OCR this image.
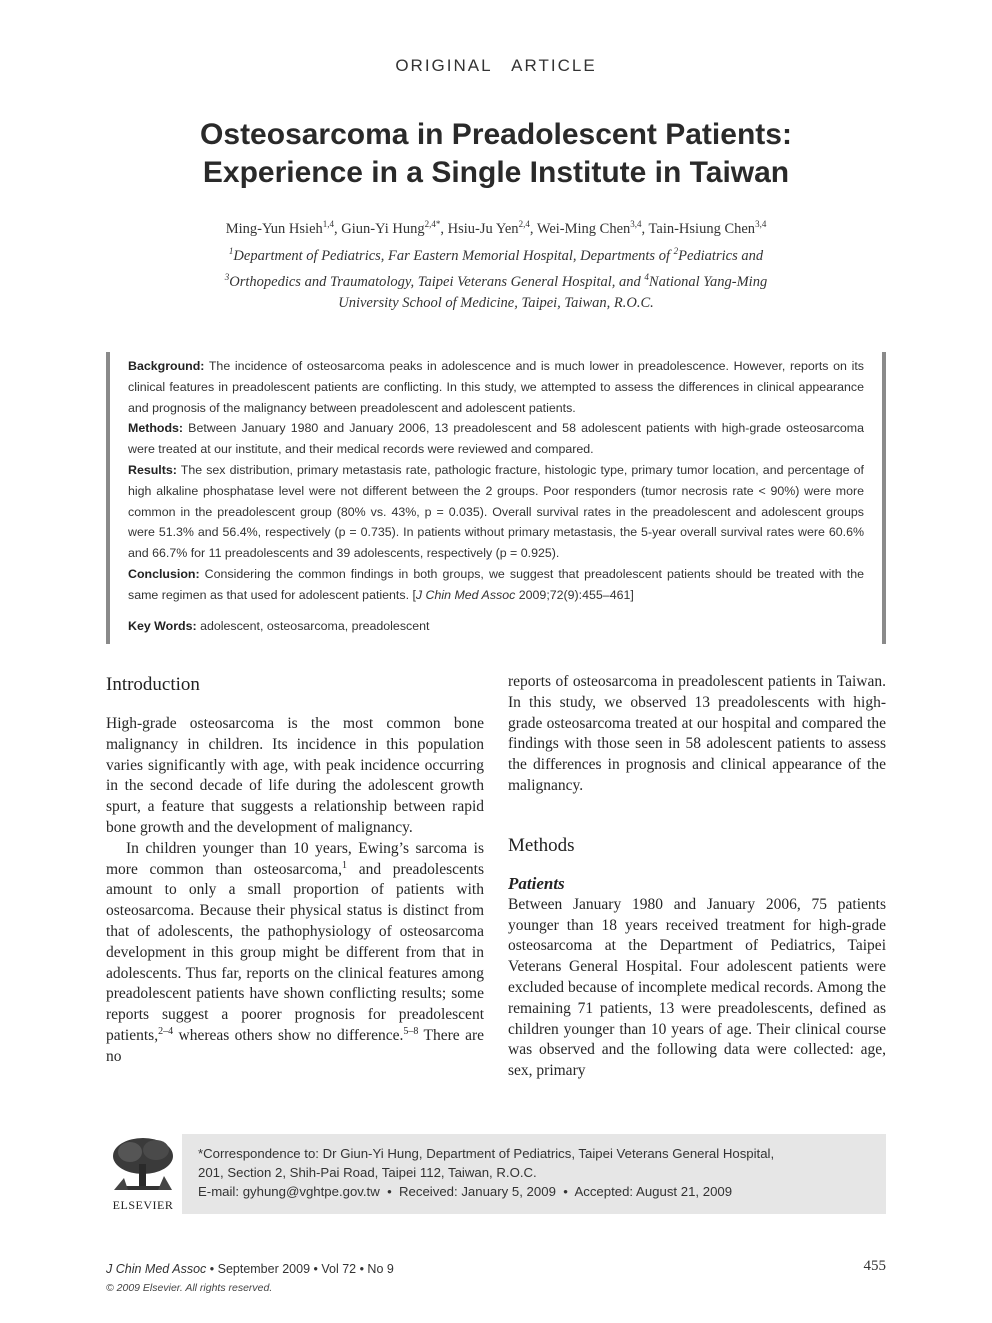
ORIGINAL   ARTICLE
Osteosarcoma in Preadolescent Patients:
Experience in a Single Institute in Taiwan
Ming-Yun Hsieh$^{1,4}$, Giun-Yi Hung$^{2,4*}$, Hsiu-Ju Yen$^{2,4}$, Wei-Ming Chen$^{3,4}$, Tain-Hsiung Chen$^{3,4}$
$^1$Department of Pediatrics, Far Eastern Memorial Hospital, Departments of $^2$Pediatrics and
$^3$Orthopedics and Traumatology, Taipei Veterans General Hospital, and $^4$National Yang-Ming
University School of Medicine, Taipei, Taiwan, R.O.C.

Background: The incidence of osteosarcoma peaks in adolescence and is much lower in preadolescence. However, reports on its clinical features in preadolescent patients are conflicting. In this study, we attempted to assess the differences in clinical appearance and prognosis of the malignancy between preadolescent and adolescent patients.

Methods: Between January 1980 and January 2006, 13 preadolescent and 58 adolescent patients with high-grade osteosarcoma were treated at our institute, and their medical records were reviewed and compared.

Results: The sex distribution, primary metastasis rate, pathologic fracture, histologic type, primary tumor location, and percentage of high alkaline phosphatase level were not different between the 2 groups. Poor responders (tumor necrosis rate < 90%) were more common in the preadolescent group (80% vs. 43%, p = 0.035). Overall survival rates in the preadolescent and adolescent groups were 51.3% and 56.4%, respectively (p = 0.735). In patients without primary metastasis, the 5-year overall survival rates were 60.6% and 66.7% for 11 preadolescents and 39 adolescents, respectively (p = 0.925).

Conclusion: Considering the common findings in both groups, we suggest that preadolescent patients should be treated with the same regimen as that used for adolescent patients. [J Chin Med Assoc 2009;72(9):455–461]

Key Words: adolescent, osteosarcoma, preadolescent

Introduction

High-grade osteosarcoma is the most common bone malignancy in children. Its incidence in this population varies significantly with age, with peak incidence occurring in the second decade of life during the adolescent growth spurt, a feature that suggests a relationship between rapid bone growth and the development of malignancy.

In children younger than 10 years, Ewing’s sarcoma is more common than osteosarcoma,$^1$ and preadolescents amount to only a small proportion of patients with osteosarcoma. Because their physical status is distinct from that of adolescents, the pathophysiology of osteosarcoma development in this group might be different from that in adolescents. Thus far, reports on the clinical features among preadolescent patients have shown conflicting results; some reports suggest a poorer prognosis for preadolescent patients,$^{2-4}$ whereas others show no difference.$^{5-8}$ There are no

reports of osteosarcoma in preadolescent patients in Taiwan. In this study, we observed 13 preadolescents with high-grade osteosarcoma treated at our hospital and compared the findings with those seen in 58 adolescent patients to assess the differences in prognosis and clinical appearance of the malignancy.

Methods
Patients

Between January 1980 and January 2006, 75 patients younger than 18 years received treatment for high-grade osteosarcoma at the Department of Pediatrics, Taipei Veterans General Hospital. Four adolescent patients were excluded because of incomplete medical records. Among the remaining 71 patients, 13 were preadolescents, defined as children younger than 10 years of age. Their clinical course was observed and the following data were collected: age, sex, primary

ELSEVIER
*Correspondence to: Dr Giun-Yi Hung, Department of Pediatrics, Taipei Veterans General Hospital,
201, Section 2, Shih-Pai Road, Taipei 112, Taiwan, R.O.C.
E-mail: gyhung@vghtpe.gov.tw  •  Received: January 5, 2009  •  Accepted: August 21, 2009
J Chin Med Assoc • September 2009 • Vol 72 • No 9
© 2009 Elsevier. All rights reserved.
455
